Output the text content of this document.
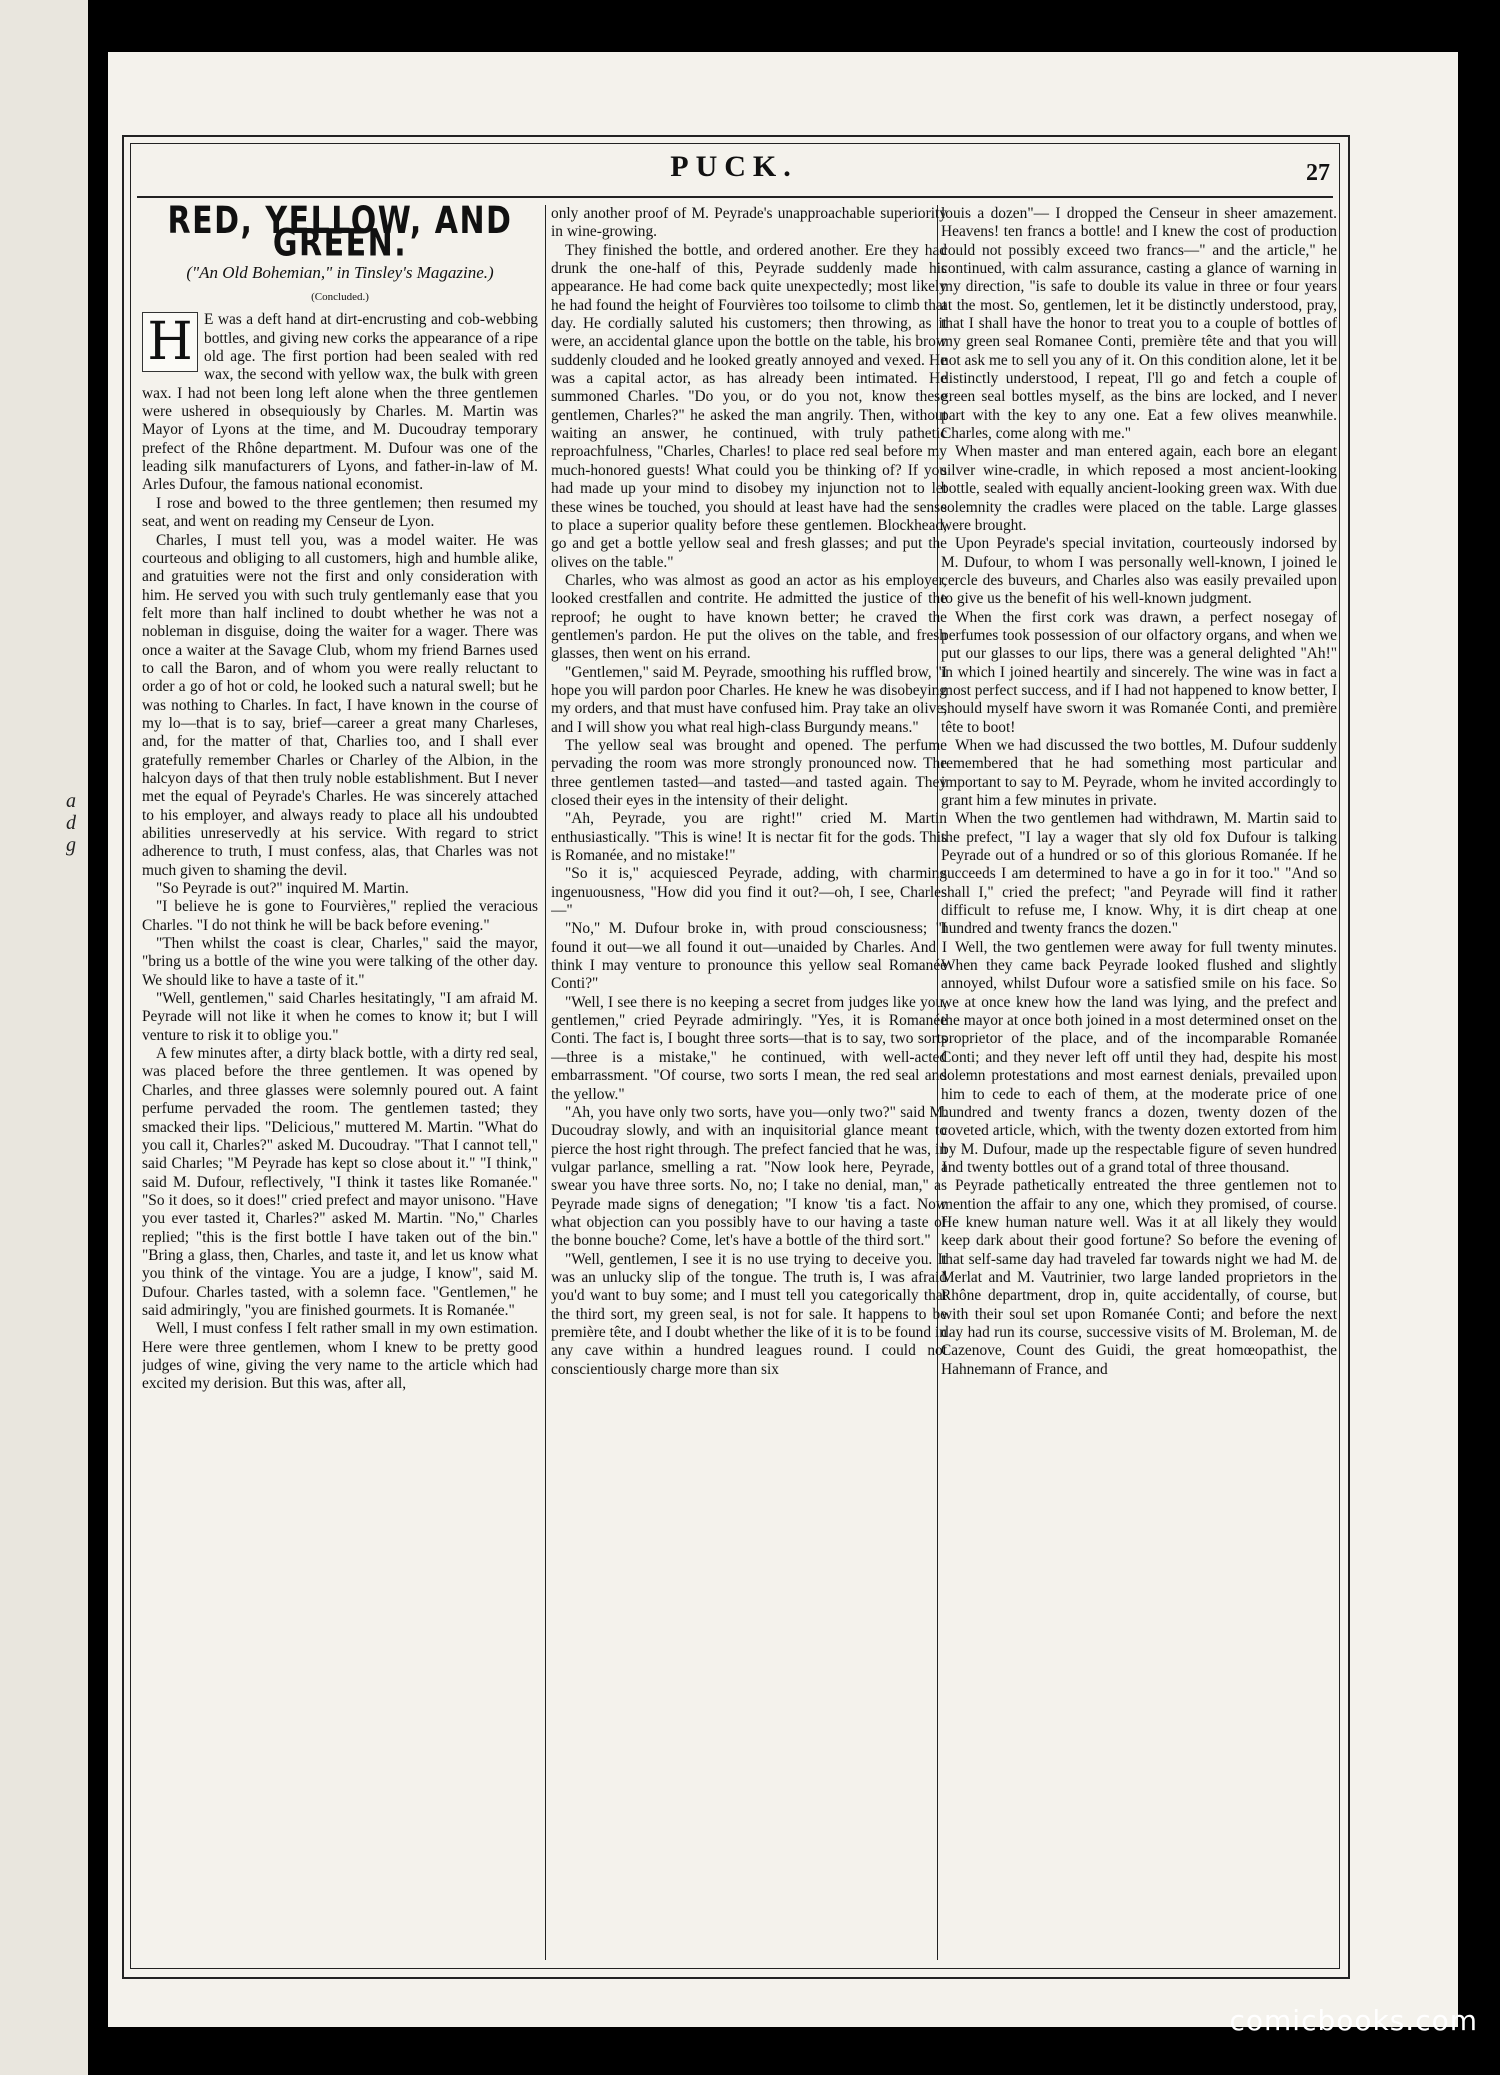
a
d
g
PUCK.	27
RED, YELLOW, AND GREEN.
("An Old Bohemian," in Tinsley's Magazine.)
(Concluded.)

H E was a deft hand at dirt-encrusting and cob-webbing bottles, and giving new corks the appearance of a ripe old age. The first portion had been sealed with red wax, the second with yellow wax, the bulk with green wax. I had not been long left alone when the three gentlemen were ushered in obsequiously by Charles. M. Martin was Mayor of Lyons at the time, and M. Ducoudray temporary prefect of the Rhône department. M. Dufour was one of the leading silk manufacturers of Lyons, and father-in-law of M. Arles Dufour, the famous national economist.

I rose and bowed to the three gentlemen; then resumed my seat, and went on reading my Censeur de Lyon.

Charles, I must tell you, was a model waiter. He was courteous and obliging to all customers, high and humble alike, and gratuities were not the first and only consideration with him. He served you with such truly gentlemanly ease that you felt more than half inclined to doubt whether he was not a nobleman in disguise, doing the waiter for a wager. There was once a waiter at the Savage Club, whom my friend Barnes used to call the Baron, and of whom you were really reluctant to order a go of hot or cold, he looked such a natural swell; but he was nothing to Charles. In fact, I have known in the course of my lo—that is to say, brief—career a great many Charleses, and, for the matter of that, Charlies too, and I shall ever gratefully remember Charles or Charley of the Albion, in the halcyon days of that then truly noble establishment. But I never met the equal of Peyrade's Charles. He was sincerely attached to his employer, and always ready to place all his undoubted abilities unreservedly at his service. With regard to strict adherence to truth, I must confess, alas, that Charles was not much given to shaming the devil.

"So Peyrade is out?" inquired M. Martin.

"I believe he is gone to Fourvières," replied the veracious Charles. "I do not think he will be back before evening."

"Then whilst the coast is clear, Charles," said the mayor, "bring us a bottle of the wine you were talking of the other day. We should like to have a taste of it."

"Well, gentlemen," said Charles hesitatingly, "I am afraid M. Peyrade will not like it when he comes to know it; but I will venture to risk it to oblige you."

A few minutes after, a dirty black bottle, with a dirty red seal, was placed before the three gentlemen. It was opened by Charles, and three glasses were solemnly poured out. A faint perfume pervaded the room. The gentlemen tasted; they smacked their lips. "Delicious," muttered M. Martin. "What do you call it, Charles?" asked M. Ducoudray. "That I cannot tell," said Charles; "M Peyrade has kept so close about it." "I think," said M. Dufour, reflectively, "I think it tastes like Romanée." "So it does, so it does!" cried prefect and mayor unisono. "Have you ever tasted it, Charles?" asked M. Martin. "No," Charles replied; "this is the first bottle I have taken out of the bin." "Bring a glass, then, Charles, and taste it, and let us know what you think of the vintage. You are a judge, I know", said M. Dufour. Charles tasted, with a solemn face. "Gentlemen," he said admiringly, "you are finished gourmets. It is Romanée."

Well, I must confess I felt rather small in my own estimation. Here were three gentlemen, whom I knew to be pretty good judges of wine, giving the very name to the article which had excited my derision. But this was, after all,

only another proof of M. Peyrade's unapproachable superiority in wine-growing.

They finished the bottle, and ordered another. Ere they had drunk the one-half of this, Peyrade suddenly made his appearance. He had come back quite unexpectedly; most likely he had found the height of Fourvières too toilsome to climb that day. He cordially saluted his customers; then throwing, as it were, an accidental glance upon the bottle on the table, his brow suddenly clouded and he looked greatly annoyed and vexed. He was a capital actor, as has already been intimated. He summoned Charles. "Do you, or do you not, know these gentlemen, Charles?" he asked the man angrily. Then, without waiting an answer, he continued, with truly pathetic reproachfulness, "Charles, Charles! to place red seal before my much-honored guests! What could you be thinking of? If you had made up your mind to disobey my injunction not to let these wines be touched, you should at least have had the sense to place a superior quality before these gentlemen. Blockhead, go and get a bottle yellow seal and fresh glasses; and put the olives on the table."

Charles, who was almost as good an actor as his employer, looked crestfallen and contrite. He admitted the justice of the reproof; he ought to have known better; he craved the gentlemen's pardon. He put the olives on the table, and fresh glasses, then went on his errand.

"Gentlemen," said M. Peyrade, smoothing his ruffled brow, "I hope you will pardon poor Charles. He knew he was disobeying my orders, and that must have confused him. Pray take an olive, and I will show you what real high-class Burgundy means."

The yellow seal was brought and opened. The perfume pervading the room was more strongly pronounced now. The three gentlemen tasted—and tasted—and tasted again. They closed their eyes in the intensity of their delight.

"Ah, Peyrade, you are right!" cried M. Martin enthusiastically. "This is wine! It is nectar fit for the gods. This is Romanée, and no mistake!"

"So it is," acquiesced Peyrade, adding, with charming ingenuousness, "How did you find it out?—oh, I see, Charles—"

"No," M. Dufour broke in, with proud consciousness; "I found it out—we all found it out—unaided by Charles. And I think I may venture to pronounce this yellow seal Romanée Conti?"

"Well, I see there is no keeping a secret from judges like you, gentlemen," cried Peyrade admiringly. "Yes, it is Romanée Conti. The fact is, I bought three sorts—that is to say, two sorts—three is a mistake," he continued, with well-acted embarrassment. "Of course, two sorts I mean, the red seal and the yellow."

"Ah, you have only two sorts, have you—only two?" said M. Ducoudray slowly, and with an inquisitorial glance meant to pierce the host right through. The prefect fancied that he was, in vulgar parlance, smelling a rat. "Now look here, Peyrade, I swear you have three sorts. No, no; I take no denial, man," as Peyrade made signs of denegation; "I know 'tis a fact. Now what objection can you possibly have to our having a taste of the bonne bouche? Come, let's have a bottle of the third sort."

"Well, gentlemen, I see it is no use trying to deceive you. It was an unlucky slip of the tongue. The truth is, I was afraid you'd want to buy some; and I must tell you categorically that the third sort, my green seal, is not for sale. It happens to be première tête, and I doubt whether the like of it is to be found in any cave within a hundred leagues round. I could not conscientiously charge more than six

louis a dozen"— I dropped the Censeur in sheer amazement. Heavens! ten francs a bottle! and I knew the cost of production could not possibly exceed two francs—" and the article," he continued, with calm assurance, casting a glance of warning in my direction, "is safe to double its value in three or four years at the most. So, gentlemen, let it be distinctly understood, pray, that I shall have the honor to treat you to a couple of bottles of my green seal Romanee Conti, première tête and that you will not ask me to sell you any of it. On this condition alone, let it be distinctly understood, I repeat, I'll go and fetch a couple of green seal bottles myself, as the bins are locked, and I never part with the key to any one. Eat a few olives meanwhile. Charles, come along with me."

When master and man entered again, each bore an elegant silver wine-cradle, in which reposed a most ancient-looking bottle, sealed with equally ancient-looking green wax. With due solemnity the cradles were placed on the table. Large glasses were brought.

Upon Peyrade's special invitation, courteously indorsed by M. Dufour, to whom I was personally well-known, I joined le cercle des buveurs, and Charles also was easily prevailed upon to give us the benefit of his well-known judgment.

When the first cork was drawn, a perfect nosegay of perfumes took possession of our olfactory organs, and when we put our glasses to our lips, there was a general delighted "Ah!" in which I joined heartily and sincerely. The wine was in fact a most perfect success, and if I had not happened to know better, I should myself have sworn it was Romanée Conti, and première tête to boot!

When we had discussed the two bottles, M. Dufour suddenly remembered that he had something most particular and important to say to M. Peyrade, whom he invited accordingly to grant him a few minutes in private.

When the two gentlemen had withdrawn, M. Martin said to the prefect, "I lay a wager that sly old fox Dufour is talking Peyrade out of a hundred or so of this glorious Romanée. If he succeeds I am determined to have a go in for it too." "And so shall I," cried the prefect; "and Peyrade will find it rather difficult to refuse me, I know. Why, it is dirt cheap at one hundred and twenty francs the dozen."

Well, the two gentlemen were away for full twenty minutes. When they came back Peyrade looked flushed and slightly annoyed, whilst Dufour wore a satisfied smile on his face. So we at once knew how the land was lying, and the prefect and the mayor at once both joined in a most determined onset on the proprietor of the place, and of the incomparable Romanée Conti; and they never left off until they had, despite his most solemn protestations and most earnest denials, prevailed upon him to cede to each of them, at the moderate price of one hundred and twenty francs a dozen, twenty dozen of the coveted article, which, with the twenty dozen extorted from him by M. Dufour, made up the respectable figure of seven hundred and twenty bottles out of a grand total of three thousand.

Peyrade pathetically entreated the three gentlemen not to mention the affair to any one, which they promised, of course. He knew human nature well. Was it at all likely they would keep dark about their good fortune? So before the evening of that self-same day had traveled far towards night we had M. de Merlat and M. Vautrinier, two large landed proprietors in the Rhône department, drop in, quite accidentally, of course, but with their soul set upon Romanée Conti; and before the next day had run its course, successive visits of M. Broleman, M. de Cazenove, Count des Guidi, the great homœopathist, the Hahnemann of France, and

comicbooks.com
